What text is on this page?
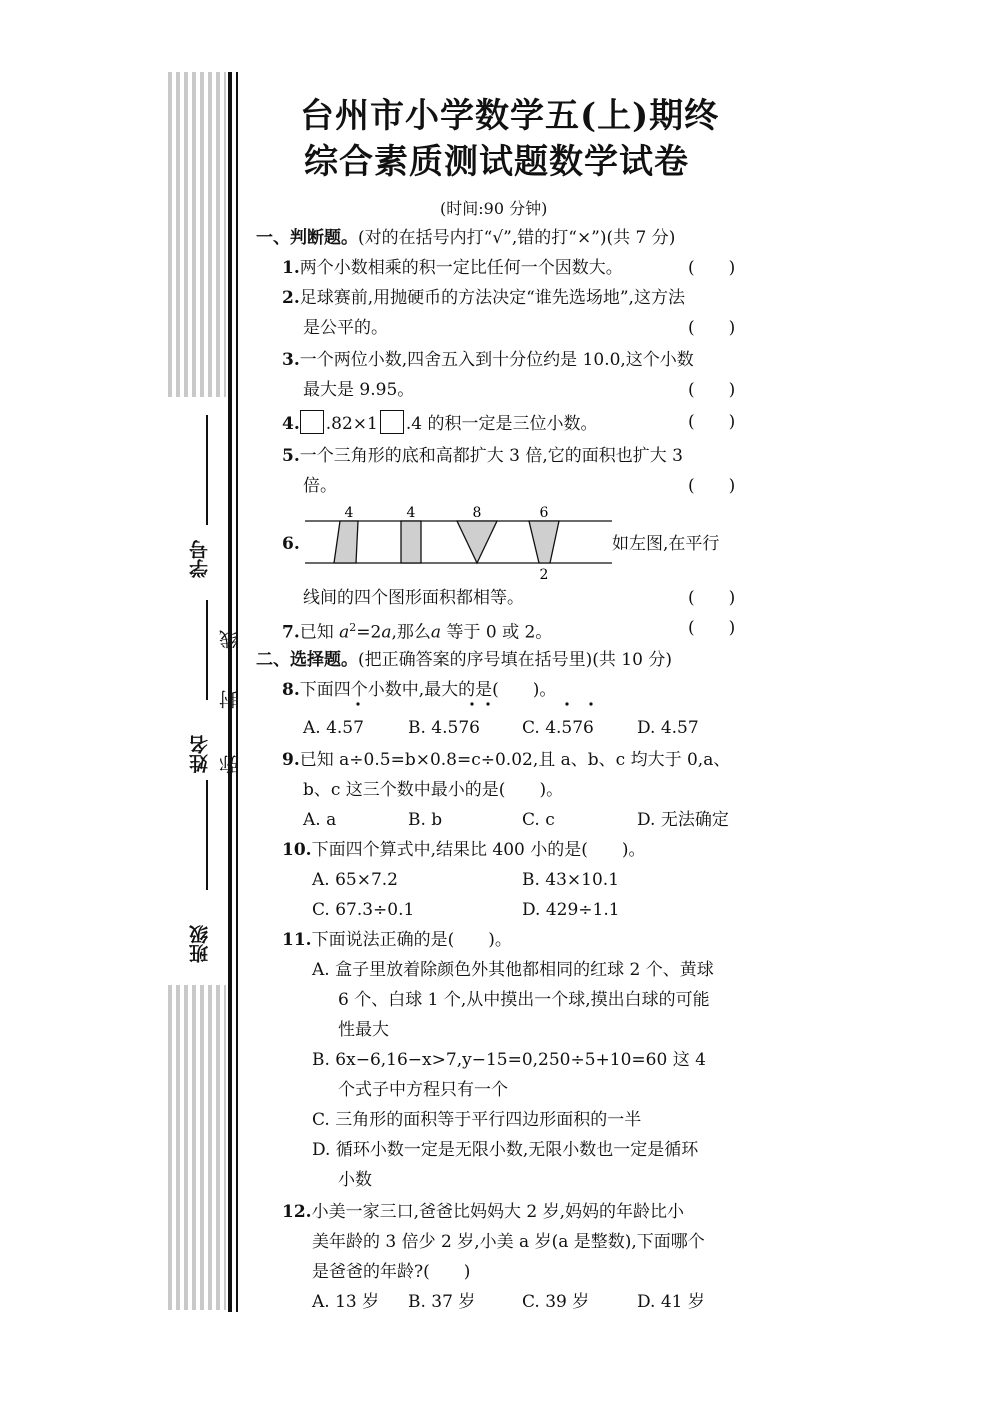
学号
姓名
班级
弥
封
线
台州市小学数学五(上)期终
综合素质测试题数学试卷
(时间:90 分钟)
一、判断题。(对的在括号内打“√”,错的打“×”)(共 7 分)
1.两个小数相乘的积一定比任何一个因数大。	(　　)
2.足球赛前,用抛硬币的方法决定“谁先选场地”,这方法
是公平的。	(　　)
3.一个两位小数,四舍五入到十分位约是 10.0,这个小数
最大是 9.95。	(　　)
4. .82×1 .4 的积一定是三位小数。	(　　)
5.一个三角形的底和高都扩大 3 倍,它的面积也扩大 3
倍。	(　　)
6.
4	4	8	6
2
如左图,在平行
线间的四个图形面积都相等。	(　　)
7.已知 $a^2=2a$,那么a 等于 0 或 2。	(　　)
二、选择题。(把正确答案的序号填在括号里)(共 10 分)
8.下面四个小数中,最大的是(　　)。
A. 4.57	B. 4.576 C. 4.576	D. 4.57
9.已知 a÷0.5=b×0.8=c÷0.02,且 a、b、c 均大于 0,a、
b、c 这三个数中最小的是(　　)。
A. a	B. b	C. c	D. 无法确定
10.下面四个算式中,结果比 400 小的是(　　)。
A. 65×7.2	B. 43×10.1
C. 67.3÷0.1	D. 429÷1.1
11.下面说法正确的是(　　)。
A. 盒子里放着除颜色外其他都相同的红球 2 个、黄球
6 个、白球 1 个,从中摸出一个球,摸出白球的可能
性最大
B. 6x−6,16−x>7,y−15=0,250÷5+10=60 这 4
个式子中方程只有一个
C. 三角形的面积等于平行四边形面积的一半
D. 循环小数一定是无限小数,无限小数也一定是循环
小数
12.小美一家三口,爸爸比妈妈大 2 岁,妈妈的年龄比小
美年龄的 3 倍少 2 岁,小美 a 岁(a 是整数),下面哪个
是爸爸的年龄?(　　)
A. 13 岁 B. 37 岁	C. 39 岁	D. 41 岁
